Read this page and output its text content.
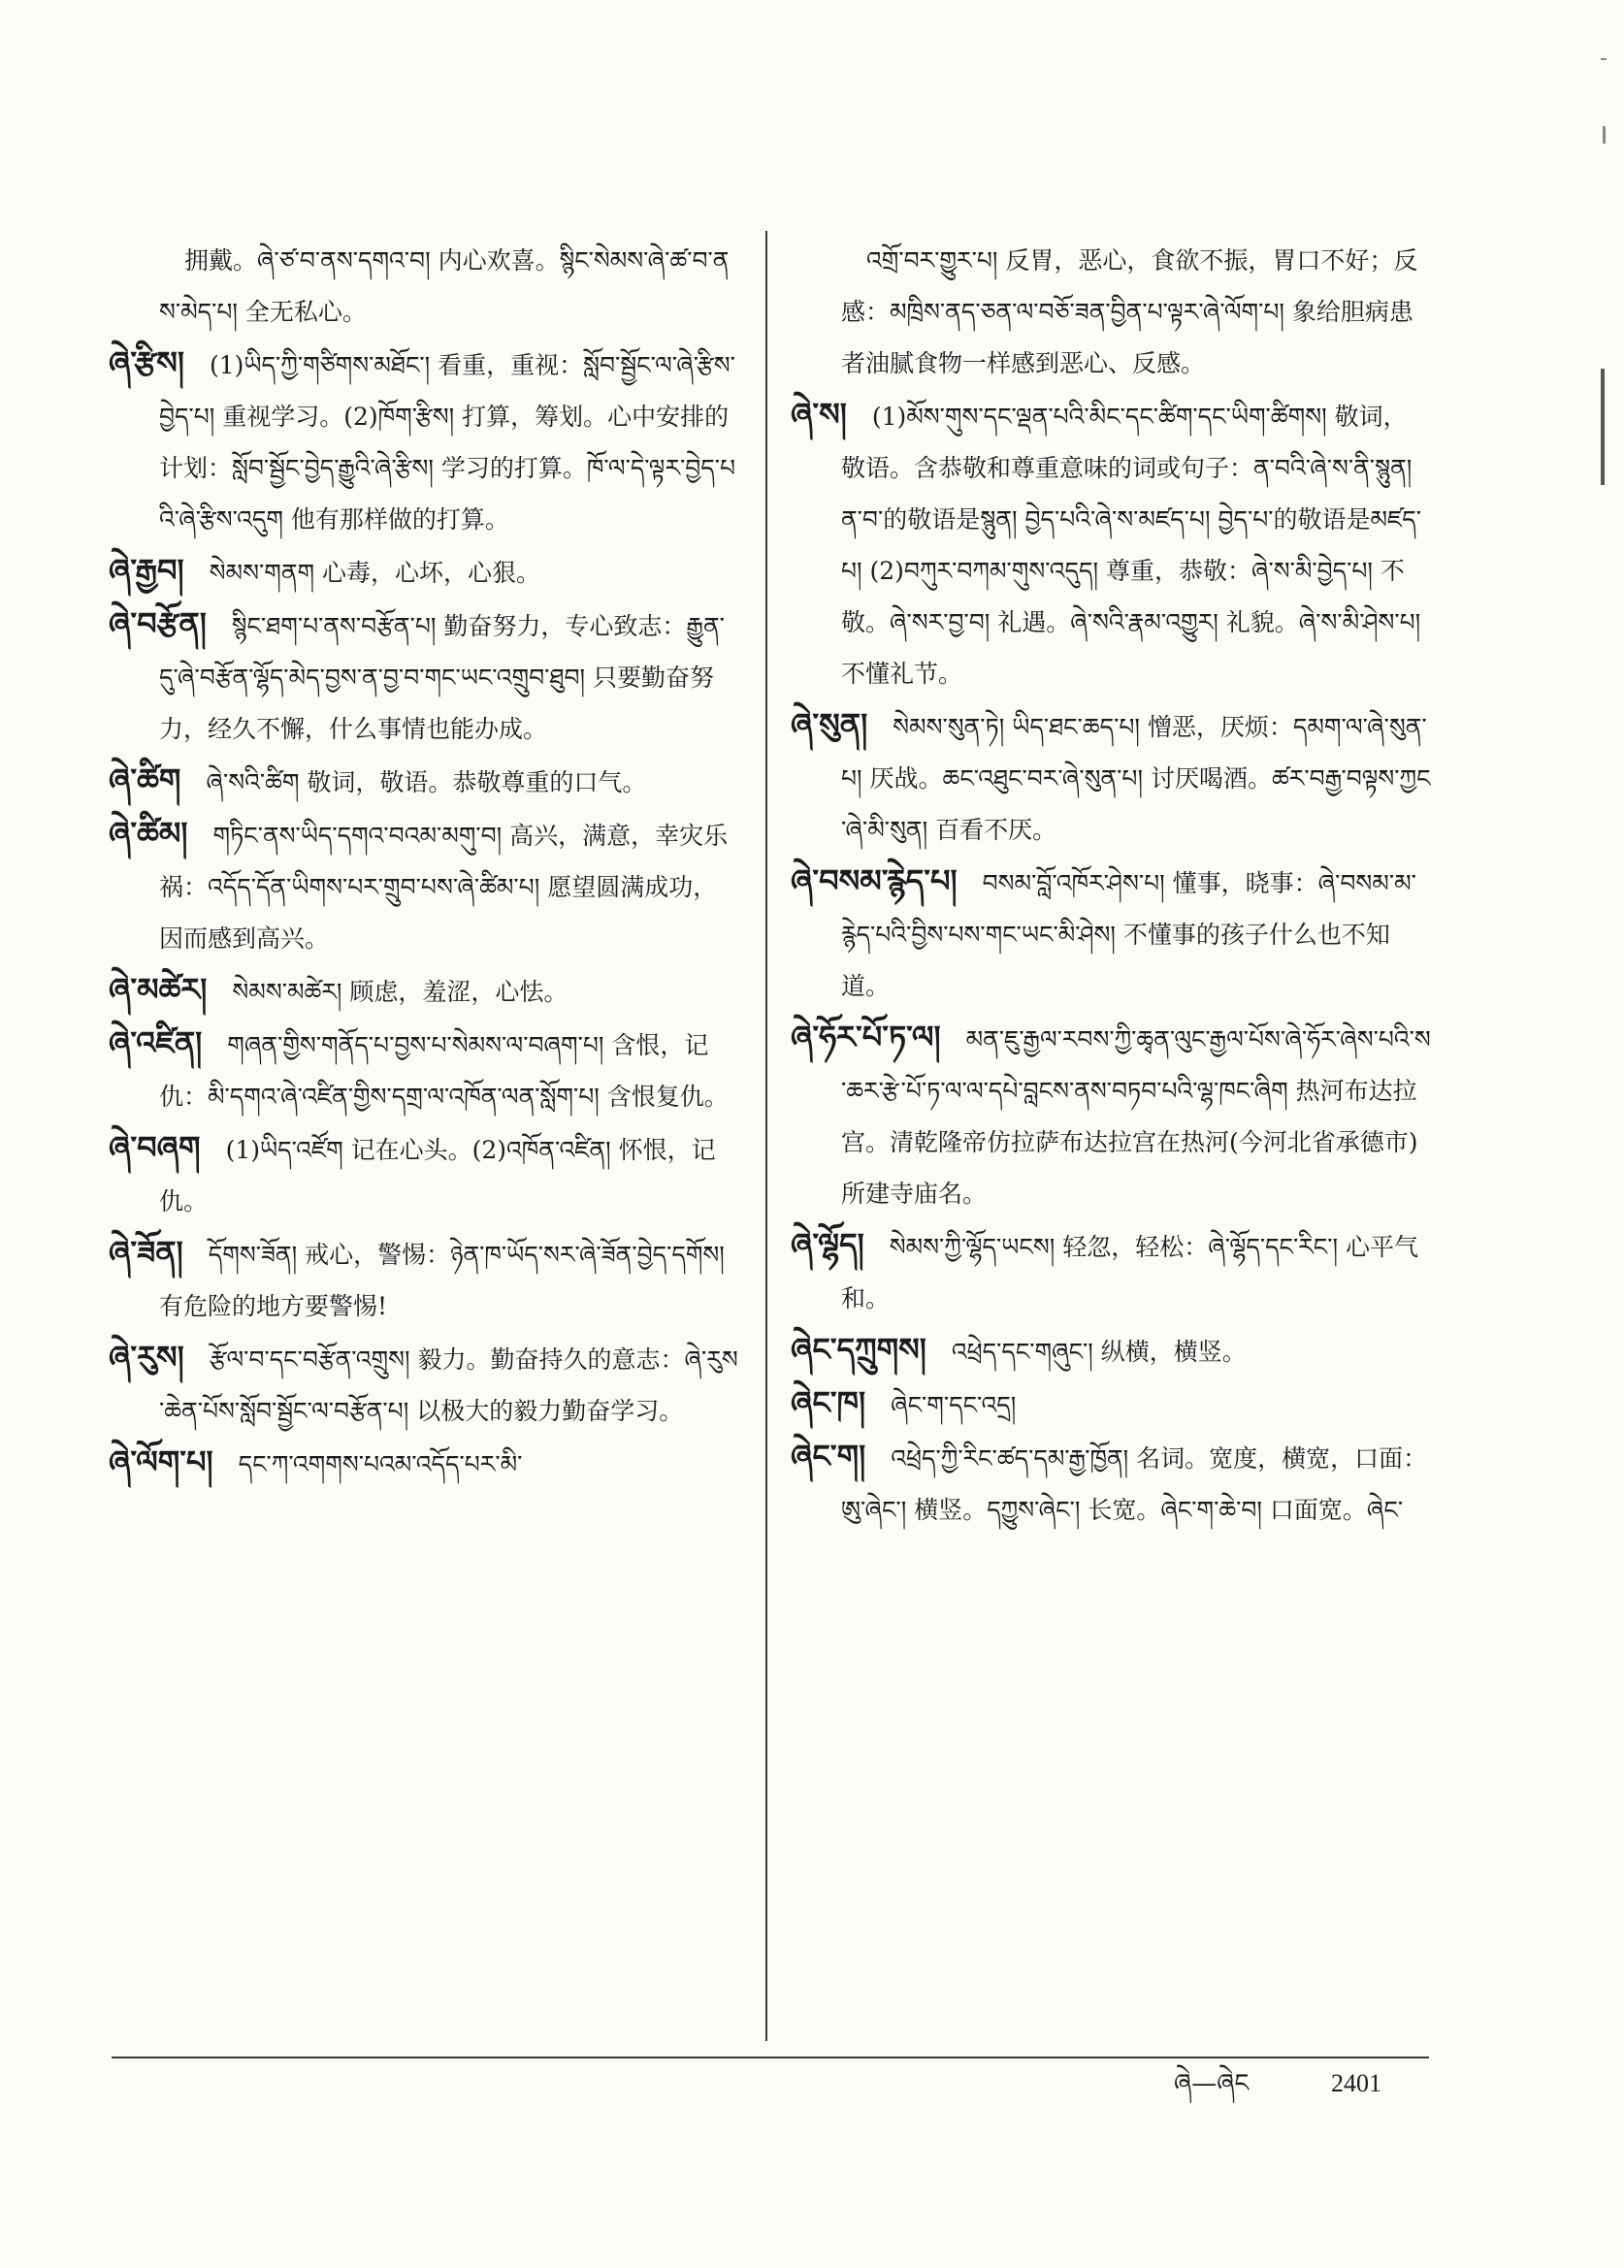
拥戴。ཞེ་ཙ་བ་ནས་དགའ་བ། 内心欢喜。སྙིང་སེམས་ཞེ་ཚ་བ་ནས་མེད་པ། 全无私心。

ཞེ་རྩིས། (1)ཡིད་ཀྱི་གཙིགས་མཐོང་། 看重，重视：སློབ་སྦྱོང་ལ་ཞེ་རྩིས་བྱེད་པ། 重视学习。(2)ཁོག་རྩིས། 打算，筹划。心中安排的计划：སློབ་སྦྱོང་བྱེད་རྒྱུའི་ཞེ་རྩིས། 学习的打算。ཁོ་ལ་དེ་ལྟར་བྱེད་པའི་ཞེ་རྩིས་འདུག 他有那样做的打算。

ཞེ་རྒྱབ། སེམས་གནག 心毒，心坏，心狠。

ཞེ་བརྩོན། སྙིང་ཐག་པ་ནས་བརྩོན་པ། 勤奋努力，专心致志：རྒྱུན་དུ་ཞེ་བརྩོན་ལྷོད་མེད་བྱས་ན་བྱ་བ་གང་ཡང་འགྲུབ་ཐུབ། 只要勤奋努力，经久不懈，什么事情也能办成。

ཞེ་ཚིག ཞེ་སའི་ཚིག 敬词，敬语。恭敬尊重的口气。

ཞེ་ཚིམ། གཏིང་ནས་ཡིད་དགའ་བའམ་མགུ་བ། 高兴，满意，幸灾乐祸：འདོད་དོན་ཡིགས་པར་གྲུབ་པས་ཞེ་ཚིམ་པ། 愿望圆满成功，因而感到高兴。

ཞེ་མཚེར། སེམས་མཚེར། 顾虑，羞涩，心怯。

ཞེ་འཛིན། གཞན་གྱིས་གནོད་པ་བྱས་པ་སེམས་ལ་བཞག་པ། 含恨，记仇：མི་དགའ་ཞེ་འཛིན་གྱིས་དགྲ་ལ་འཁོན་ལན་སློག་པ། 含恨复仇。

ཞེ་བཞག (1)ཡིད་འཛོག 记在心头。(2)འཁོན་འཛིན། 怀恨，记仇。

ཞེ་ཟོན། དོགས་ཟོན། 戒心，警惕：ཉེན་ཁ་ཡོད་སར་ཞེ་ཟོན་བྱེད་དགོས། 有危险的地方要警惕!

ཞེ་རུས། རྩོལ་བ་དང་བརྩོན་འགྲུས། 毅力。勤奋持久的意志：ཞེ་རུས་ཆེན་པོས་སློབ་སྦྱོང་ལ་བརྩོན་པ། 以极大的毅力勤奋学习。

ཞེ་ལོག་པ། དང་ཀ་འགགས་པའམ་འདོད་པར་མི་

འགྲོ་བར་གྱུར་པ། 反胃，恶心，食欲不振，胃口不好；反感：མཁྲིས་ནད་ཅན་ལ་བཅོ་ཟན་བྱིན་པ་ལྟར་ཞེ་ལོག་པ། 象给胆病患者油腻食物一样感到恶心、反感。

ཞེ་ས། (1)མོས་གུས་དང་ལྡན་པའི་མིང་དང་ཚིག་དང་ཡིག་ཚིགས། 敬词，敬语。含恭敬和尊重意味的词或句子：ན་བའི་ཞེ་ས་ནི་སྙུན། ན་བ་的敬语是སྙུན། བྱེད་པའི་ཞེ་ས་མཛད་པ། བྱེད་པ་的敬语是མཛད་པ། (2)བཀུར་བཀམ་གུས་འདུད། 尊重，恭敬：ཞེ་ས་མི་བྱེད་པ། 不敬。ཞེ་སར་བྱ་བ། 礼遇。ཞེ་སའི་རྣམ་འགྱུར། 礼貌。ཞེ་ས་མི་ཤེས་པ། 不懂礼节。

ཞེ་སུན། སེམས་སུན་ཏེ། ཡིད་ཐང་ཆད་པ། 憎恶，厌烦：དམག་ལ་ཞེ་སུན་པ། 厌战。ཆང་འཐུང་བར་ཞེ་སུན་པ། 讨厌喝酒。ཚར་བརྒྱ་བལྟས་ཀྱང་ཞེ་མི་སུན། 百看不厌。

ཞེ་བསམ་རྙེད་པ། བསམ་བློ་འཁོར་ཤེས་པ། 懂事，晓事：ཞེ་བསམ་མ་རྙེད་པའི་བྱིས་པས་གང་ཡང་མི་ཤེས། 不懂事的孩子什么也不知道。

ཞེ་ཧོར་པོ་ཏ་ལ། མན་ཇུ་རྒྱལ་རབས་ཀྱི་ཆྭན་ལུང་རྒྱལ་པོས་ཞེ་ཧོར་ཞེས་པའི་ས་ཆར་རྩེ་པོ་ཏ་ལ་ལ་དཔེ་བླངས་ནས་བཏབ་པའི་ལྷ་ཁང་ཞིག 热河布达拉宫。清乾隆帝仿拉萨布达拉宫在热河(今河北省承德市)所建寺庙名。

ཞེ་ལྷོད། སེམས་ཀྱི་ལྷོད་ཡངས། 轻忽，轻松：ཞེ་ལྷོད་དང་རིང་། 心平气和。

ཞེང་དཀྲུགས། འཕྲེད་དང་གཞུང་། 纵横，横竖。

ཞེང་ཁ། ཞེང་ག་དང་འདྲ།

ཞེང་ག། འཕྲེད་ཀྱི་རིང་ཚད་དམ་རྒྱ་ཁྱོན། 名词。宽度，横宽，口面：ཨུ་ཞེང་། 横竖。དཀྱུས་ཞེང་། 长宽。ཞེང་ག་ཆེ་བ། 口面宽。ཞེང་

ཞེ—ཞེང	2401
